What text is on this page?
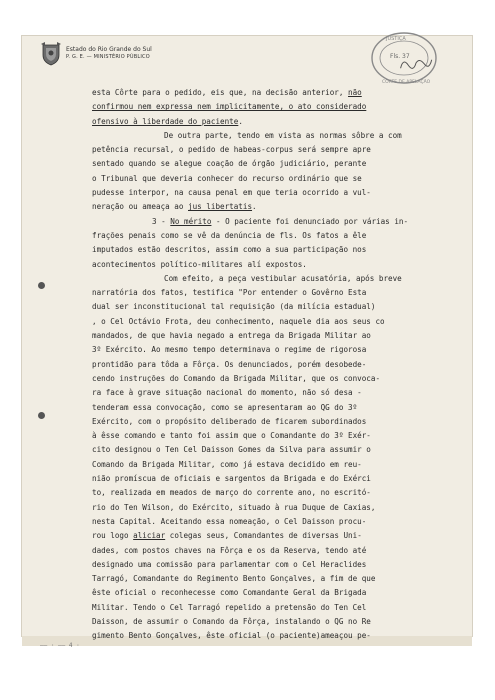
Estado do Rio Grande do Sul
P. G. E. — MINISTÉRIO PÚBLICO
JUSTIÇA
Fls. 37
CÔRTE DE APELAÇÃO
esta Côrte para o pedido, eis que, na decisão anterior, não
confirmou nem expressa nem implicitamente, o ato considerado
ofensivo à liberdade do paciente.
De outra parte, tendo em vista as normas sôbre a com
petência recursal, o pedido de habeas-corpus será sempre apre
sentado quando se alegue coação de órgão judiciário, perante
o Tribunal que deveria conhecer do recurso ordinário que se
pudesse interpor, na causa penal em que teria ocorrido a vul-
neração ou ameaça ao jus libertatis.
3 - No mérito - O paciente foi denunciado por várias in-
frações penais como se vê da denúncia de fls. Os fatos a êle
imputados estão descritos, assim como a sua participação nos
acontecimentos político-militares alí expostos.
Com efeito, a peça vestibular acusatória, após breve
narratória dos fatos, testifica "Por entender o Govêrno Esta
dual ser inconstitucional tal requisição (da milícia estadual)
, o Cel Octávio Frota, deu conhecimento, naquele dia aos seus co
mandados, de que havia negado a entrega da Brigada Militar ao
3º Exército. Ao mesmo tempo determinava o regime de rigorosa
prontidão para tôda a Fôrça. Os denunciados, porém desobede-
cendo instruções do Comando da Brigada Militar, que os convoca-
ra face à grave situação nacional do momento, não só desa -
tenderam essa convocação, como se apresentaram ao QG do 3º
Exército, com o propósito deliberado de ficarem subordinados
à êsse comando e tanto foi assim que o Comandante do 3º Exér-
cito designou o Ten Cel Daisson Gomes da Silva para assumir o
Comando da Brigada Militar, como já estava decidido em reu-
nião promíscua de oficiais e sargentos da Brigada e do Exérci
to, realizada em meados de março do corrente ano, no escritó-
rio do Ten Wilson, do Exército, situado à rua Duque de Caxias,
nesta Capital. Aceitando essa nomeação, o Cel Daisson procu-
rou logo aliciar colegas seus, Comandantes de diversas Uni-
dades, com postos chaves na Fôrça e os da Reserva, tendo até
designado uma comissão para parlamentar com o Cel Heraclides
Tarragó, Comandante do Regimento Bento Gonçalves, a fim de que
êste oficial o reconhecesse como Comandante Geral da Brigada
Militar. Tendo o Cel Tarragó repelido a pretensão do Ten Cel
Daisson, de assumir o Comando da Fôrça, instalando o QG no Re
gimento Bento Gonçalves, êste oficial (o paciente)ameaçou pe-
—— · —— 4 ·
